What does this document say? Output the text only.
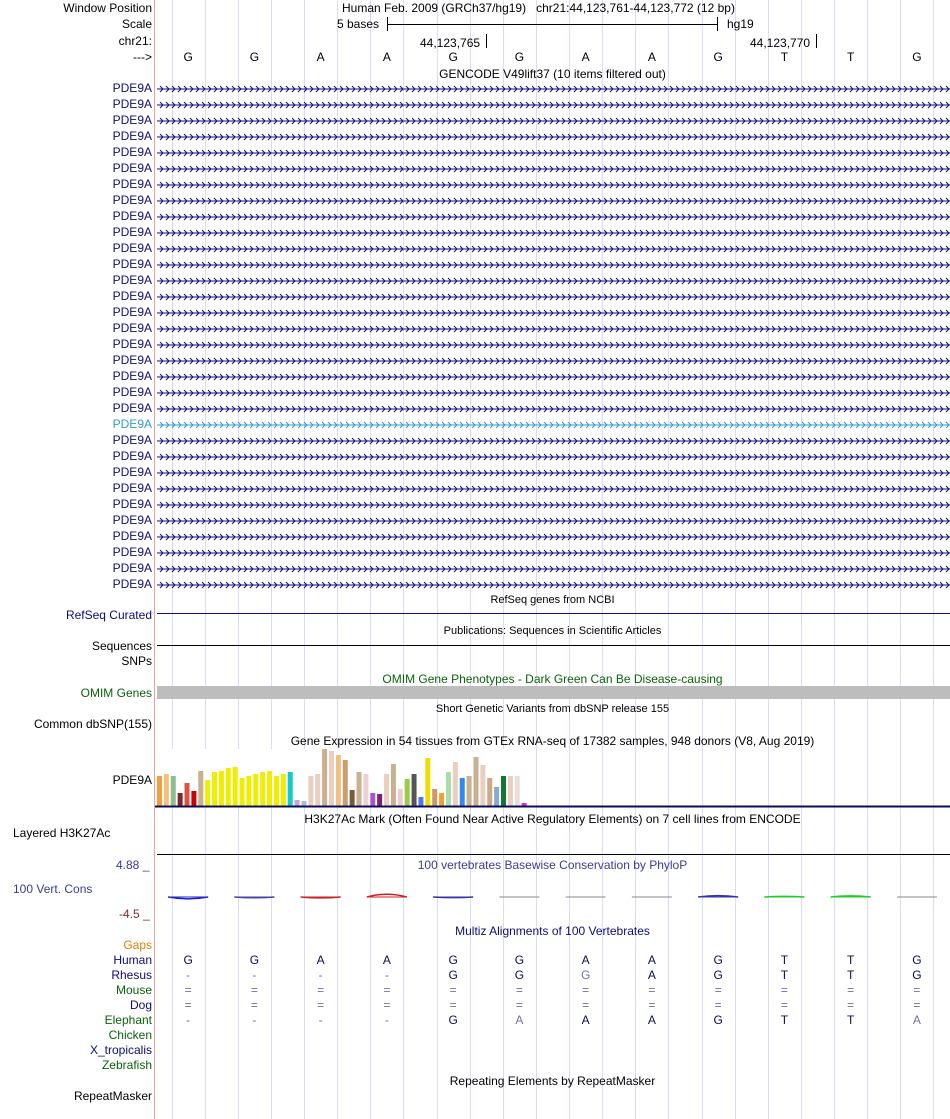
Window Position	Human Feb. 2009 (GRCh37/hg19) chr21:44,123,761-44,123,772 (12 bp)
Scale	5 bases	hg19
chr21:	44,123,765	44,123,770
--->	G	G	A	A	G	G	A	A	G	T	T	G
GENCODE V49lift37 (10 items filtered out)
PDE9A
PDE9A
PDE9A
PDE9A
PDE9A
PDE9A
PDE9A
PDE9A
PDE9A
PDE9A
PDE9A
PDE9A
PDE9A
PDE9A
PDE9A
PDE9A
PDE9A
PDE9A
PDE9A
PDE9A
PDE9A
PDE9A
PDE9A
PDE9A
PDE9A
PDE9A
PDE9A
PDE9A
PDE9A
PDE9A
PDE9A
PDE9A
RefSeq genes from NCBI
RefSeq Curated
Publications: Sequences in Scientific Articles
Sequences
SNPs
OMIM Gene Phenotypes - Dark Green Can Be Disease-causing
OMIM Genes
Short Genetic Variants from dbSNP release 155
Common dbSNP(155)
Gene Expression in 54 tissues from GTEx RNA-seq of 17382 samples, 948 donors (V8, Aug 2019)
PDE9A
H3K27Ac Mark (Often Found Near Active Regulatory Elements) on 7 cell lines from ENCODE
Layered H3K27Ac
100 vertebrates Basewise Conservation by PhyloP
4.88 _
100 Vert. Cons
-4.5 _
Multiz Alignments of 100 Vertebrates
Gaps
Human	G	G	A	A	G	G	A	A	G	T	T	G
Rhesus	-	-	-	-	G	G	G	A	G	T	T	G
Mouse	=	=	=	=	=	=	=	=	=	=	=	=
Dog	=	=	=	=	=	=	=	=	=	=	=	=
Elephant	-	-	-	-	G	A	A	A	G	T	T	A
Chicken
X_tropicalis
Zebrafish
Repeating Elements by RepeatMasker
RepeatMasker
